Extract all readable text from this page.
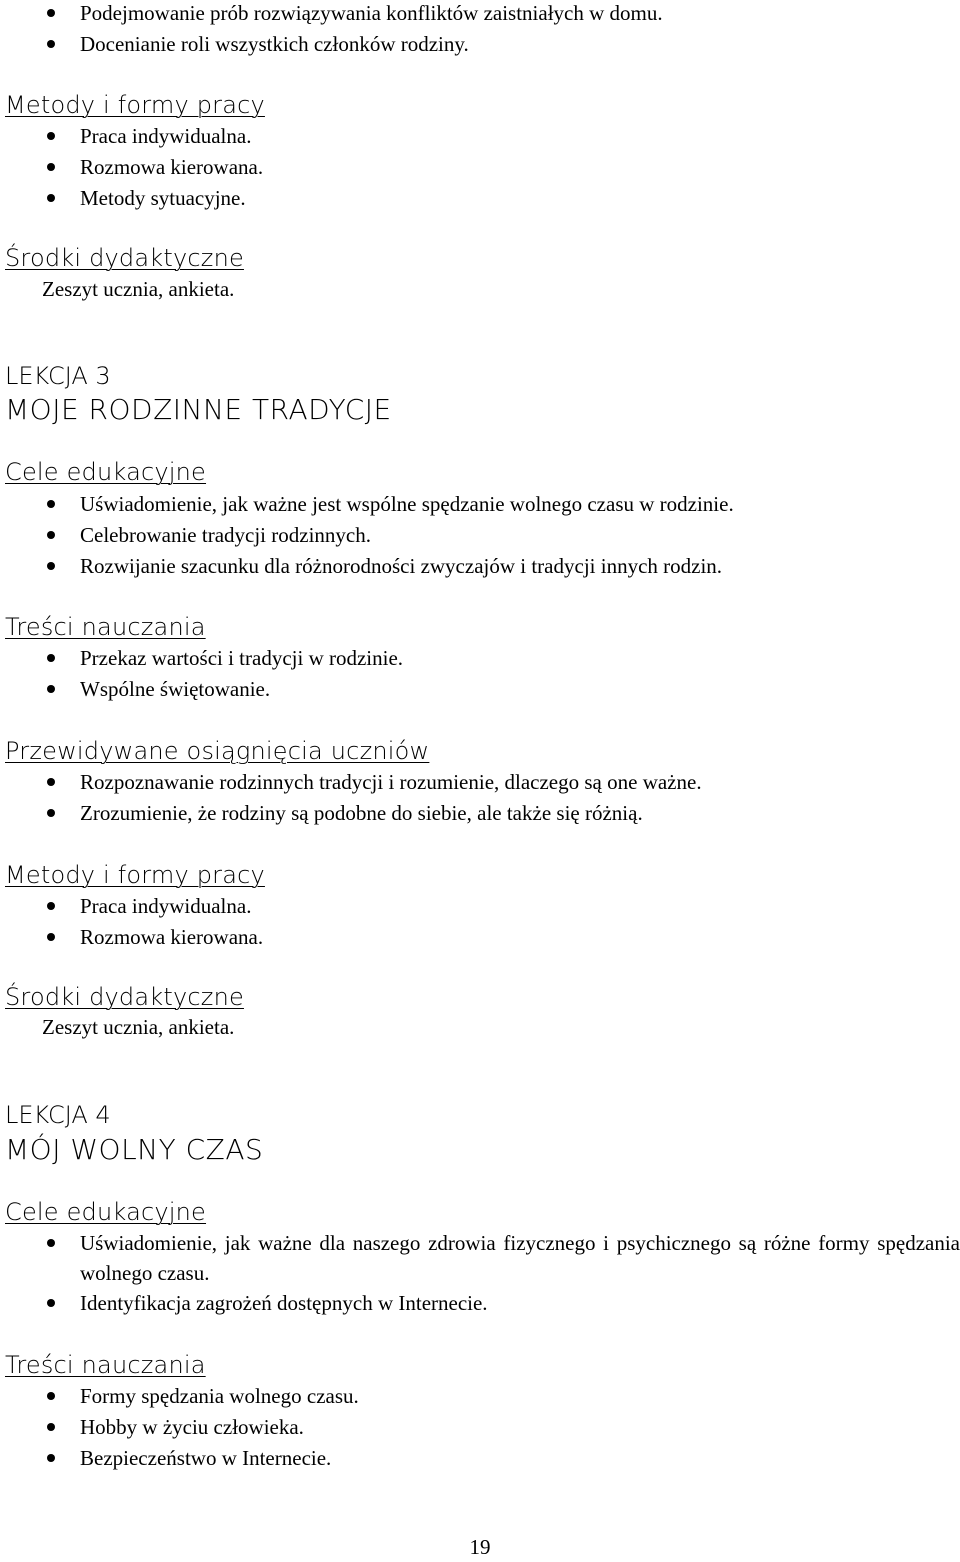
Podejmowanie prób rozwiązywania konfliktów zaistniałych w domu.
Docenianie roli wszystkich członków rodziny.
Metody i formy pracy
Praca indywidualna.
Rozmowa kierowana.
Metody sytuacyjne.
Środki dydaktyczne
Zeszyt ucznia, ankieta.
LEKCJA 3
MOJE RODZINNE TRADYCJE
Cele edukacyjne
Uświadomienie, jak ważne jest wspólne spędzanie wolnego czasu w rodzinie.
Celebrowanie tradycji rodzinnych.
Rozwijanie szacunku dla różnorodności zwyczajów i tradycji innych rodzin.
Treści nauczania
Przekaz wartości i tradycji w rodzinie.
Wspólne świętowanie.
Przewidywane osiągnięcia uczniów
Rozpoznawanie rodzinnych tradycji i rozumienie, dlaczego są one ważne.
Zrozumienie, że rodziny są podobne do siebie, ale także się różnią.
Metody i formy pracy
Praca indywidualna.
Rozmowa kierowana.
Środki dydaktyczne
Zeszyt ucznia, ankieta.
LEKCJA 4
MÓJ WOLNY CZAS
Cele edukacyjne
Uświadomienie, jak ważne dla naszego zdrowia fizycznego i psychicznego są różne formy spędzania wolnego czasu.
Identyfikacja zagrożeń dostępnych w Internecie.
Treści nauczania
Formy spędzania wolnego czasu.
Hobby w życiu człowieka.
Bezpieczeństwo w Internecie.
19
